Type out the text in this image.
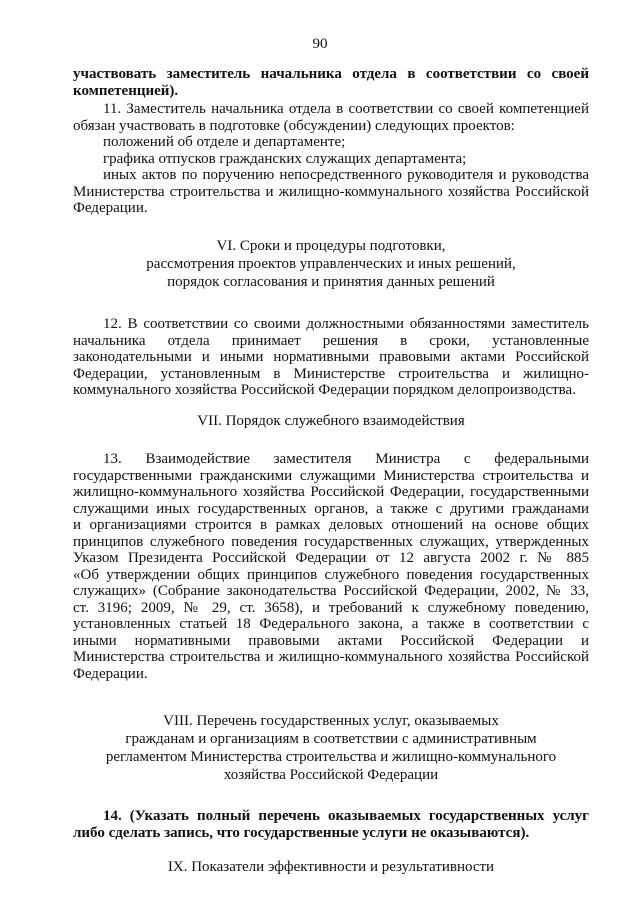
90
участвовать заместитель начальника отдела в соответствии со своей
компетенцией).
11. Заместитель начальника отдела в соответствии со своей компетенцией
обязан участвовать в подготовке (обсуждении) следующих проектов:
положений об отделе и департаменте;
графика отпусков гражданских служащих департамента;
иных актов по поручению непосредственного руководителя и руководства
Министерства строительства и жилищно-коммунального хозяйства Российской
Федерации.
VI. Сроки и процедуры подготовки,
рассмотрения проектов управленческих и иных решений,
порядок согласования и принятия данных решений
12. В соответствии со своими должностными обязанностями заместитель
начальника отдела принимает решения в сроки, установленные
законодательными и иными нормативными правовыми актами Российской
Федерации, установленным в Министерстве строительства и жилищно-
коммунального хозяйства Российской Федерации порядком делопроизводства.
VII. Порядок служебного взаимодействия
13. Взаимодействие заместителя Министра с федеральными
государственными гражданскими служащими Министерства строительства и
жилищно-коммунального хозяйства Российской Федерации, государственными
служащими иных государственных органов, а также с другими гражданами
и организациями строится в рамках деловых отношений на основе общих
принципов служебного поведения государственных служащих, утвержденных
Указом Президента Российской Федерации от 12 августа 2002 г. № 885
«Об утверждении общих принципов служебного поведения государственных
служащих» (Собрание законодательства Российской Федерации, 2002, № 33,
ст. 3196; 2009, № 29, ст. 3658), и требований к служебному поведению,
установленных статьей 18 Федерального закона, а также в соответствии с
иными нормативными правовыми актами Российской Федерации и
Министерства строительства и жилищно-коммунального хозяйства Российской
Федерации.
VIII. Перечень государственных услуг, оказываемых
гражданам и организациям в соответствии с административным
регламентом Министерства строительства и жилищно-коммунального
хозяйства Российской Федерации
14. (Указать полный перечень оказываемых государственных услуг
либо сделать запись, что государственные услуги не оказываются).
IX. Показатели эффективности и результативности
